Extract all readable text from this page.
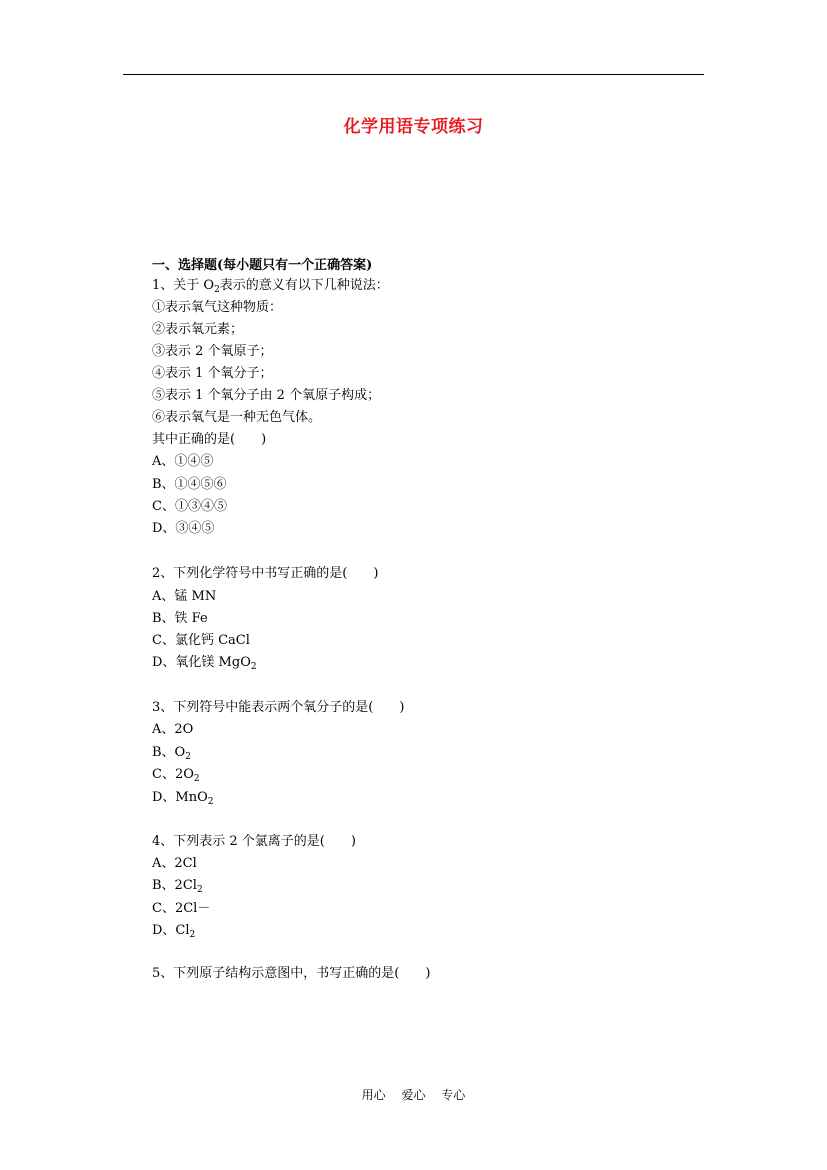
化学用语专项练习
一、选择题(每小题只有一个正确答案)
1、关于 $O_2$表示的意义有以下几种说法：
①表示氧气这种物质：
②表示氧元素；
③表示 2 个氧原子；
④表示 1 个氧分子；
⑤表示 1 个氧分子由 2 个氧原子构成；
⑥表示氧气是一种无色气体。
其中正确的是(　　)
A、①④⑤
B、①④⑤⑥
C、①③④⑤
D、③④⑤
2、下列化学符号中书写正确的是(　　)
A、锰 MN
B、铁 Fe
C、氯化钙 CaCl
D、氧化镁 MgO$_2$
3、下列符号中能表示两个氧分子的是(　　)
A、2O
B、$O_2$
C、$2O_2$
D、MnO$_2$
4、下列表示 2 个氯离子的是(　　)
A、2Cl
B、$2Cl_2$
C、2Cl－
D、$Cl_2$
5、下列原子结构示意图中，书写正确的是(　　)
用心 爱心 专心
